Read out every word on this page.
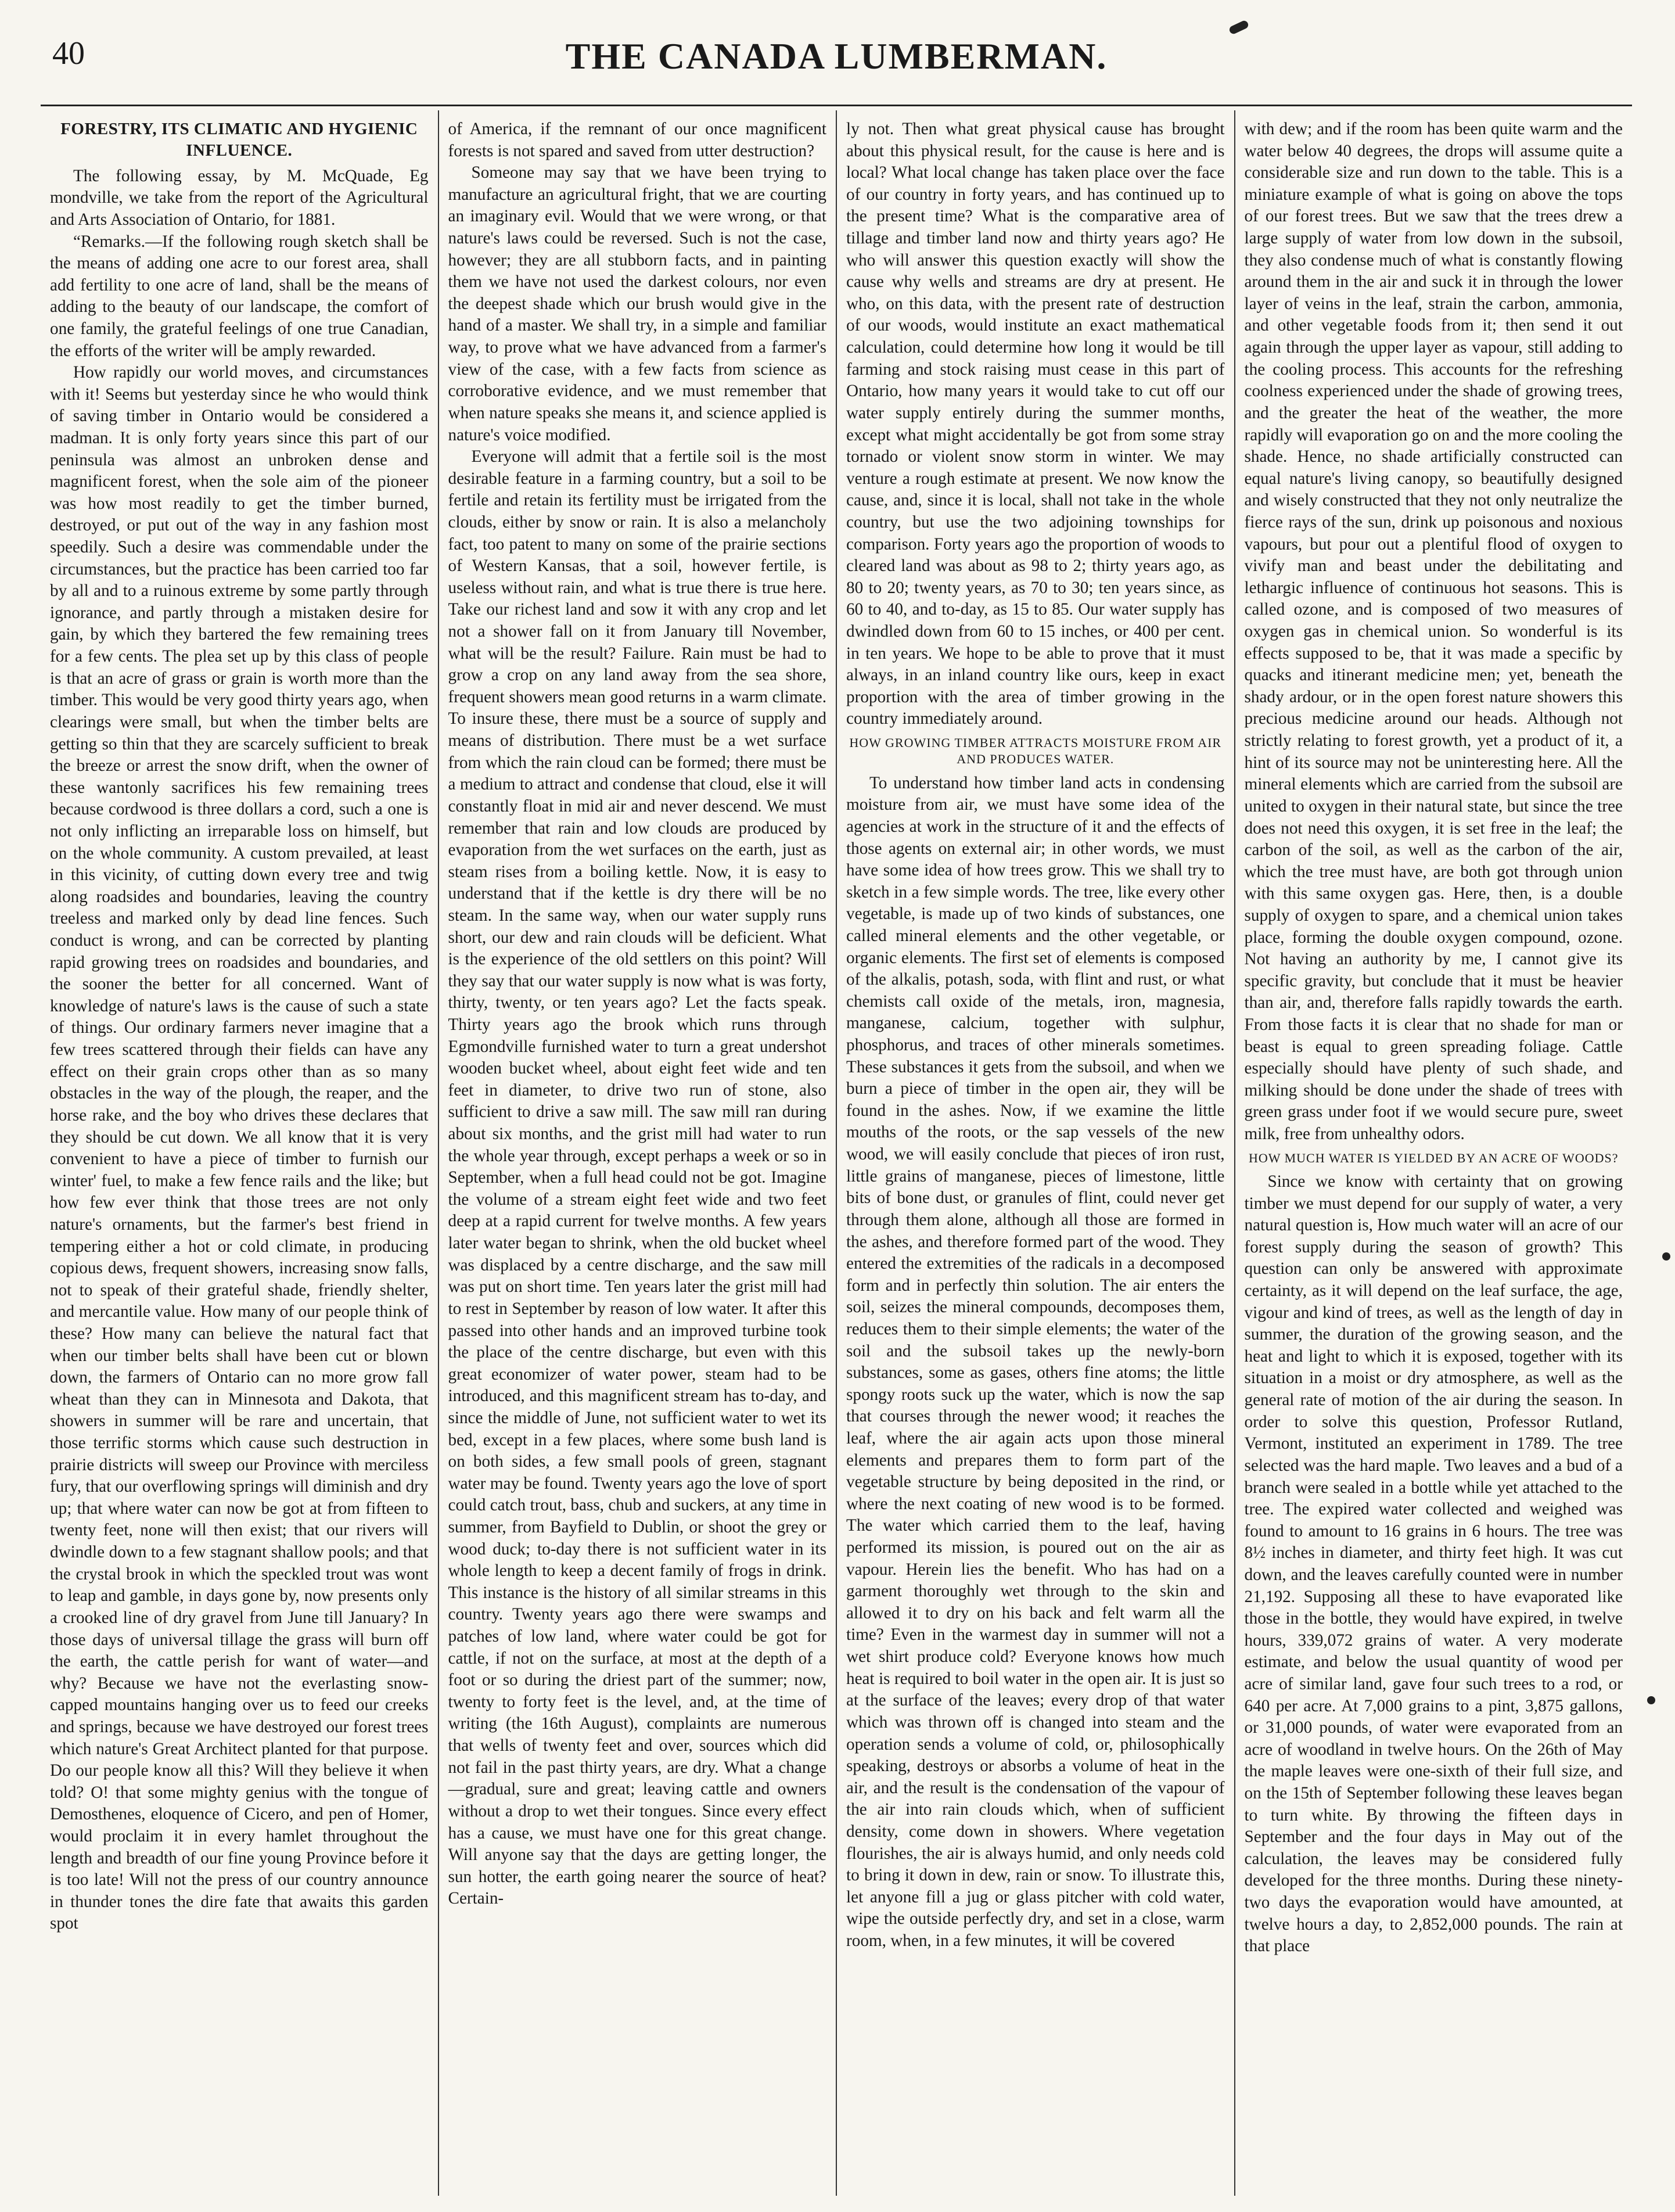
40	THE CANADA LUMBERMAN.
FORESTRY, ITS CLIMATIC AND HYGIENIC INFLUENCE.

The following essay, by M. McQuade, Eg mondville, we take from the report of the Agricultural and Arts Association of Ontario, for 1881.

“Remarks.—If the following rough sketch shall be the means of adding one acre to our forest area, shall add fertility to one acre of land, shall be the means of adding to the beauty of our landscape, the comfort of one family, the grateful feelings of one true Canadian, the efforts of the writer will be amply rewarded.

How rapidly our world moves, and circumstances with it! Seems but yesterday since he who would think of saving timber in Ontario would be considered a madman. It is only forty years since this part of our peninsula was almost an unbroken dense and magnificent forest, when the sole aim of the pioneer was how most readily to get the timber burned, destroyed, or put out of the way in any fashion most speedily. Such a desire was commendable under the circumstances, but the practice has been carried too far by all and to a ruinous extreme by some partly through ignorance, and partly through a mistaken desire for gain, by which they bartered the few remaining trees for a few cents. The plea set up by this class of people is that an acre of grass or grain is worth more than the timber. This would be very good thirty years ago, when clearings were small, but when the timber belts are getting so thin that they are scarcely sufficient to break the breeze or arrest the snow drift, when the owner of these wantonly sacrifices his few remaining trees because cordwood is three dollars a cord, such a one is not only inflicting an irreparable loss on himself, but on the whole community. A custom prevailed, at least in this vicinity, of cutting down every tree and twig along roadsides and boundaries, leaving the country treeless and marked only by dead line fences. Such conduct is wrong, and can be corrected by planting rapid growing trees on roadsides and boundaries, and the sooner the better for all concerned. Want of knowledge of nature's laws is the cause of such a state of things. Our ordinary farmers never imagine that a few trees scattered through their fields can have any effect on their grain crops other than as so many obstacles in the way of the plough, the reaper, and the horse rake, and the boy who drives these declares that they should be cut down. We all know that it is very convenient to have a piece of timber to furnish our winter' fuel, to make a few fence rails and the like; but how few ever think that those trees are not only nature's ornaments, but the farmer's best friend in tempering either a hot or cold climate, in producing copious dews, frequent showers, increasing snow falls, not to speak of their grateful shade, friendly shelter, and mercantile value. How many of our people think of these? How many can believe the natural fact that when our timber belts shall have been cut or blown down, the farmers of Ontario can no more grow fall wheat than they can in Minnesota and Dakota, that showers in summer will be rare and uncertain, that those terrific storms which cause such destruction in prairie districts will sweep our Province with merciless fury, that our overflowing springs will diminish and dry up; that where water can now be got at from fifteen to twenty feet, none will then exist; that our rivers will dwindle down to a few stagnant shallow pools; and that the crystal brook in which the speckled trout was wont to leap and gamble, in days gone by, now presents only a crooked line of dry gravel from June till January? In those days of universal tillage the grass will burn off the earth, the cattle perish for want of water—and why? Because we have not the everlasting snow-capped mountains hanging over us to feed our creeks and springs, because we have destroyed our forest trees which nature's Great Architect planted for that purpose. Do our people know all this? Will they believe it when told? O! that some mighty genius with the tongue of Demosthenes, eloquence of Cicero, and pen of Homer, would proclaim it in every hamlet throughout the length and breadth of our fine young Province before it is too late! Will not the press of our country announce in thunder tones the dire fate that awaits this garden spot

of America, if the remnant of our once magnificent forests is not spared and saved from utter destruction?

Someone may say that we have been trying to manufacture an agricultural fright, that we are courting an imaginary evil. Would that we were wrong, or that nature's laws could be reversed. Such is not the case, however; they are all stubborn facts, and in painting them we have not used the darkest colours, nor even the deepest shade which our brush would give in the hand of a master. We shall try, in a simple and familiar way, to prove what we have advanced from a farmer's view of the case, with a few facts from science as corroborative evidence, and we must remember that when nature speaks she means it, and science applied is nature's voice modified.

Everyone will admit that a fertile soil is the most desirable feature in a farming country, but a soil to be fertile and retain its fertility must be irrigated from the clouds, either by snow or rain. It is also a melancholy fact, too patent to many on some of the prairie sections of Western Kansas, that a soil, however fertile, is useless without rain, and what is true there is true here. Take our richest land and sow it with any crop and let not a shower fall on it from January till November, what will be the result? Failure. Rain must be had to grow a crop on any land away from the sea shore, frequent showers mean good returns in a warm climate. To insure these, there must be a source of supply and means of distribution. There must be a wet surface from which the rain cloud can be formed; there must be a medium to attract and condense that cloud, else it will constantly float in mid air and never descend. We must remember that rain and low clouds are produced by evaporation from the wet surfaces on the earth, just as steam rises from a boiling kettle. Now, it is easy to understand that if the kettle is dry there will be no steam. In the same way, when our water supply runs short, our dew and rain clouds will be deficient. What is the experience of the old settlers on this point? Will they say that our water supply is now what is was forty, thirty, twenty, or ten years ago? Let the facts speak. Thirty years ago the brook which runs through Egmondville furnished water to turn a great undershot wooden bucket wheel, about eight feet wide and ten feet in diameter, to drive two run of stone, also sufficient to drive a saw mill. The saw mill ran during about six months, and the grist mill had water to run the whole year through, except perhaps a week or so in September, when a full head could not be got. Imagine the volume of a stream eight feet wide and two feet deep at a rapid current for twelve months. A few years later water began to shrink, when the old bucket wheel was displaced by a centre discharge, and the saw mill was put on short time. Ten years later the grist mill had to rest in September by reason of low water. It after this passed into other hands and an improved turbine took the place of the centre discharge, but even with this great economizer of water power, steam had to be introduced, and this magnificent stream has to-day, and since the middle of June, not sufficient water to wet its bed, except in a few places, where some bush land is on both sides, a few small pools of green, stagnant water may be found. Twenty years ago the love of sport could catch trout, bass, chub and suckers, at any time in summer, from Bayfield to Dublin, or shoot the grey or wood duck; to-day there is not sufficient water in its whole length to keep a decent family of frogs in drink. This instance is the history of all similar streams in this country. Twenty years ago there were swamps and patches of low land, where water could be got for cattle, if not on the surface, at most at the depth of a foot or so during the driest part of the summer; now, twenty to forty feet is the level, and, at the time of writing (the 16th August), complaints are numerous that wells of twenty feet and over, sources which did not fail in the past thirty years, are dry. What a change—gradual, sure and great; leaving cattle and owners without a drop to wet their tongues. Since every effect has a cause, we must have one for this great change. Will anyone say that the days are getting longer, the sun hotter, the earth going nearer the source of heat? Certain-

ly not. Then what great physical cause has brought about this physical result, for the cause is here and is local? What local change has taken place over the face of our country in forty years, and has continued up to the present time? What is the comparative area of tillage and timber land now and thirty years ago? He who will answer this question exactly will show the cause why wells and streams are dry at present. He who, on this data, with the present rate of destruction of our woods, would institute an exact mathematical calculation, could determine how long it would be till farming and stock raising must cease in this part of Ontario, how many years it would take to cut off our water supply entirely during the summer months, except what might accidentally be got from some stray tornado or violent snow storm in winter. We may venture a rough estimate at present. We now know the cause, and, since it is local, shall not take in the whole country, but use the two adjoining townships for comparison. Forty years ago the proportion of woods to cleared land was about as 98 to 2; thirty years ago, as 80 to 20; twenty years, as 70 to 30; ten years since, as 60 to 40, and to-day, as 15 to 85. Our water supply has dwindled down from 60 to 15 inches, or 400 per cent. in ten years. We hope to be able to prove that it must always, in an inland country like ours, keep in exact proportion with the area of timber growing in the country immediately around.

HOW GROWING TIMBER ATTRACTS MOISTURE FROM AIR AND PRODUCES WATER.

To understand how timber land acts in condensing moisture from air, we must have some idea of the agencies at work in the structure of it and the effects of those agents on external air; in other words, we must have some idea of how trees grow. This we shall try to sketch in a few simple words. The tree, like every other vegetable, is made up of two kinds of substances, one called mineral elements and the other vegetable, or organic elements. The first set of elements is composed of the alkalis, potash, soda, with flint and rust, or what chemists call oxide of the metals, iron, magnesia, manganese, calcium, together with sulphur, phosphorus, and traces of other minerals sometimes. These substances it gets from the subsoil, and when we burn a piece of timber in the open air, they will be found in the ashes. Now, if we examine the little mouths of the roots, or the sap vessels of the new wood, we will easily conclude that pieces of iron rust, little grains of manganese, pieces of limestone, little bits of bone dust, or granules of flint, could never get through them alone, although all those are formed in the ashes, and therefore formed part of the wood. They entered the extremities of the radicals in a decomposed form and in perfectly thin solution. The air enters the soil, seizes the mineral compounds, decomposes them, reduces them to their simple elements; the water of the soil and the subsoil takes up the newly-born substances, some as gases, others fine atoms; the little spongy roots suck up the water, which is now the sap that courses through the newer wood; it reaches the leaf, where the air again acts upon those mineral elements and prepares them to form part of the vegetable structure by being deposited in the rind, or where the next coating of new wood is to be formed. The water which carried them to the leaf, having performed its mission, is poured out on the air as vapour. Herein lies the benefit. Who has had on a garment thoroughly wet through to the skin and allowed it to dry on his back and felt warm all the time? Even in the warmest day in summer will not a wet shirt produce cold? Everyone knows how much heat is required to boil water in the open air. It is just so at the surface of the leaves; every drop of that water which was thrown off is changed into steam and the operation sends a volume of cold, or, philosophically speaking, destroys or absorbs a volume of heat in the air, and the result is the condensation of the vapour of the air into rain clouds which, when of sufficient density, come down in showers. Where vegetation flourishes, the air is always humid, and only needs cold to bring it down in dew, rain or snow. To illustrate this, let anyone fill a jug or glass pitcher with cold water, wipe the outside perfectly dry, and set in a close, warm room, when, in a few minutes, it will be covered

with dew; and if the room has been quite warm and the water below 40 degrees, the drops will assume quite a considerable size and run down to the table. This is a miniature example of what is going on above the tops of our forest trees. But we saw that the trees drew a large supply of water from low down in the subsoil, they also condense much of what is constantly flowing around them in the air and suck it in through the lower layer of veins in the leaf, strain the carbon, ammonia, and other vegetable foods from it; then send it out again through the upper layer as vapour, still adding to the cooling process. This accounts for the refreshing coolness experienced under the shade of growing trees, and the greater the heat of the weather, the more rapidly will evaporation go on and the more cooling the shade. Hence, no shade artificially constructed can equal nature's living canopy, so beautifully designed and wisely constructed that they not only neutralize the fierce rays of the sun, drink up poisonous and noxious vapours, but pour out a plentiful flood of oxygen to vivify man and beast under the debilitating and lethargic influence of continuous hot seasons. This is called ozone, and is composed of two measures of oxygen gas in chemical union. So wonderful is its effects supposed to be, that it was made a specific by quacks and itinerant medicine men; yet, beneath the shady ardour, or in the open forest nature showers this precious medicine around our heads. Although not strictly relating to forest growth, yet a product of it, a hint of its source may not be uninteresting here. All the mineral elements which are carried from the subsoil are united to oxygen in their natural state, but since the tree does not need this oxygen, it is set free in the leaf; the carbon of the soil, as well as the carbon of the air, which the tree must have, are both got through union with this same oxygen gas. Here, then, is a double supply of oxygen to spare, and a chemical union takes place, forming the double oxygen compound, ozone. Not having an authority by me, I cannot give its specific gravity, but conclude that it must be heavier than air, and, therefore falls rapidly towards the earth. From those facts it is clear that no shade for man or beast is equal to green spreading foliage. Cattle especially should have plenty of such shade, and milking should be done under the shade of trees with green grass under foot if we would secure pure, sweet milk, free from unhealthy odors.

HOW MUCH WATER IS YIELDED BY AN ACRE OF WOODS?

Since we know with certainty that on growing timber we must depend for our supply of water, a very natural question is, How much water will an acre of our forest supply during the season of growth? This question can only be answered with approximate certainty, as it will depend on the leaf surface, the age, vigour and kind of trees, as well as the length of day in summer, the duration of the growing season, and the heat and light to which it is exposed, together with its situation in a moist or dry atmosphere, as well as the general rate of motion of the air during the season. In order to solve this question, Professor Rutland, Vermont, instituted an experiment in 1789. The tree selected was the hard maple. Two leaves and a bud of a branch were sealed in a bottle while yet attached to the tree. The expired water collected and weighed was found to amount to 16 grains in 6 hours. The tree was 8½ inches in diameter, and thirty feet high. It was cut down, and the leaves carefully counted were in number 21,192. Supposing all these to have evaporated like those in the bottle, they would have expired, in twelve hours, 339,072 grains of water. A very moderate estimate, and below the usual quantity of wood per acre of similar land, gave four such trees to a rod, or 640 per acre. At 7,000 grains to a pint, 3,875 gallons, or 31,000 pounds, of water were evaporated from an acre of woodland in twelve hours. On the 26th of May the maple leaves were one-sixth of their full size, and on the 15th of September following these leaves began to turn white. By throwing the fifteen days in September and the four days in May out of the calculation, the leaves may be considered fully developed for the three months. During these ninety-two days the evaporation would have amounted, at twelve hours a day, to 2,852,000 pounds. The rain at that place
